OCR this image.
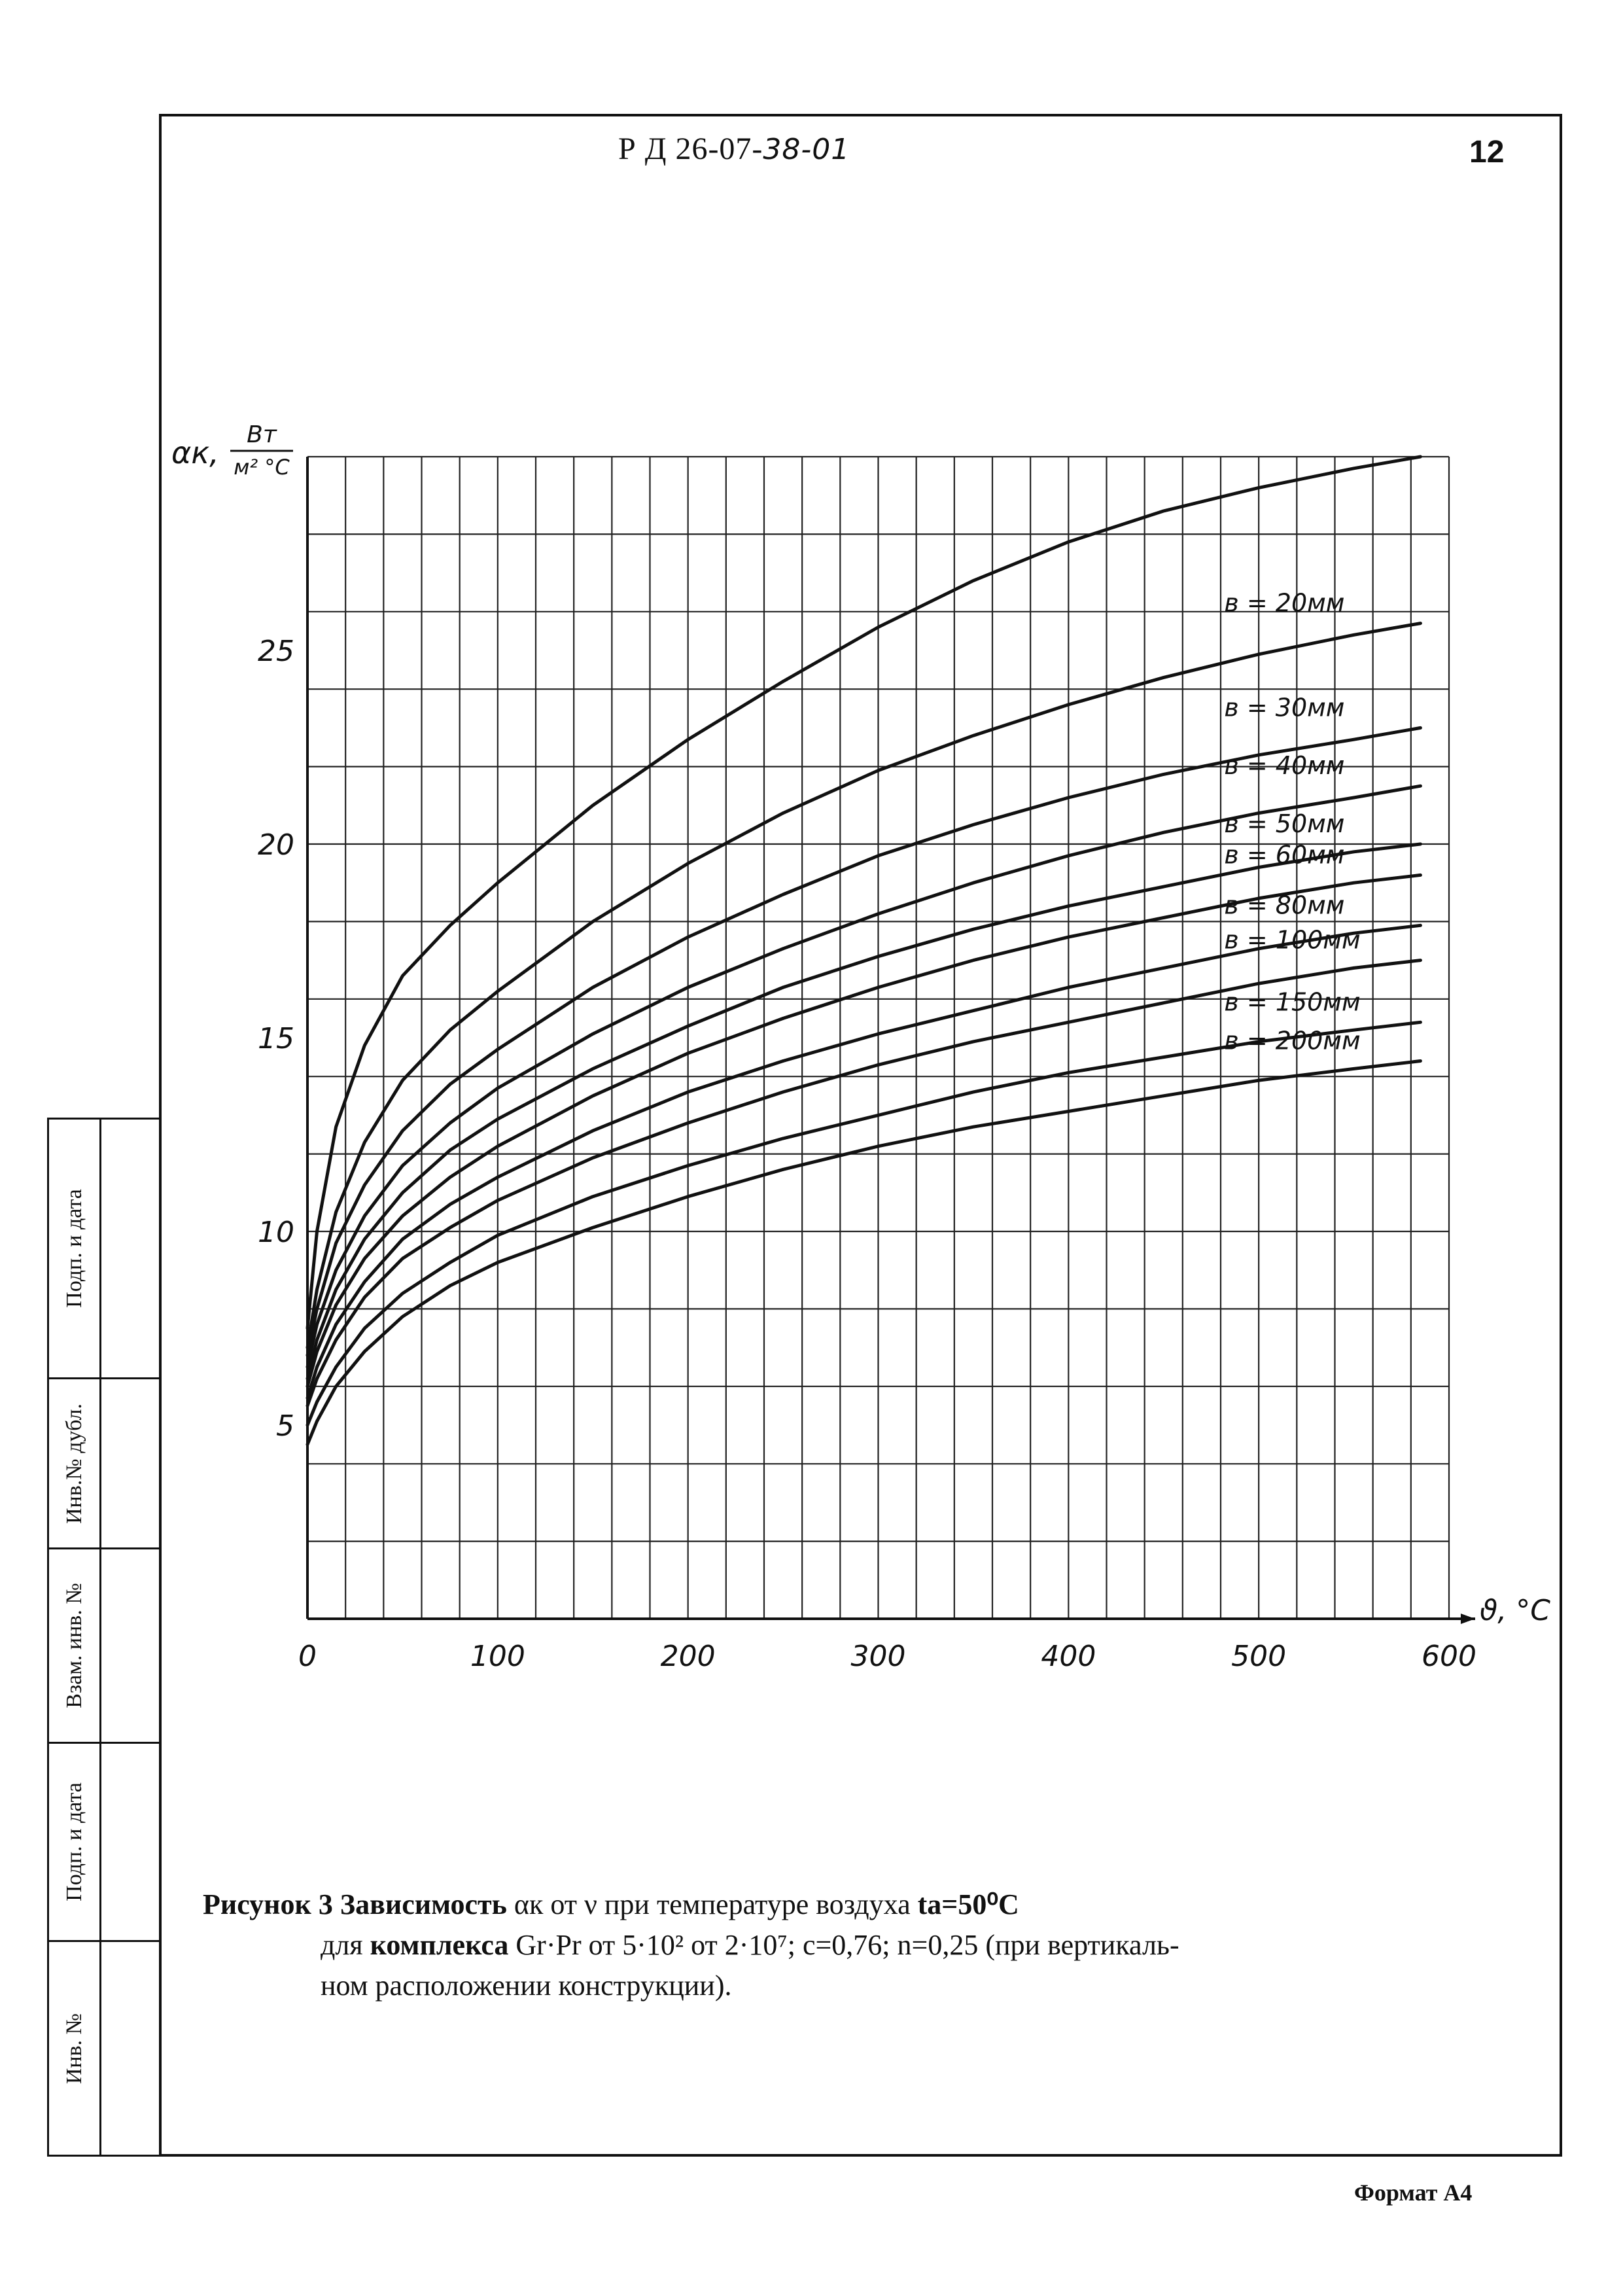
Р Д 26-07-38-01	12
0	100	200	300	400	500	600
5
10
15
20
25
αк,
Вт
м² °С
ϑ, °С
в = 20мм
в = 30мм
в = 40мм
в = 50мм
в = 60мм
в = 80мм
в = 100мм
в = 150мм
в = 200мм
Рисунок 3 Зависимость αк от ν при температуре воздуха tа=50⁰С
для комплекса Gr·Pr от 5·10² от 2·10⁷; с=0,76; n=0,25 (при вертикаль-
ном расположении конструкции).
Подп. и дата
Инв.№ дубл.
Взам. инв. №
Подп. и дата
Инв. №
Формат А4
